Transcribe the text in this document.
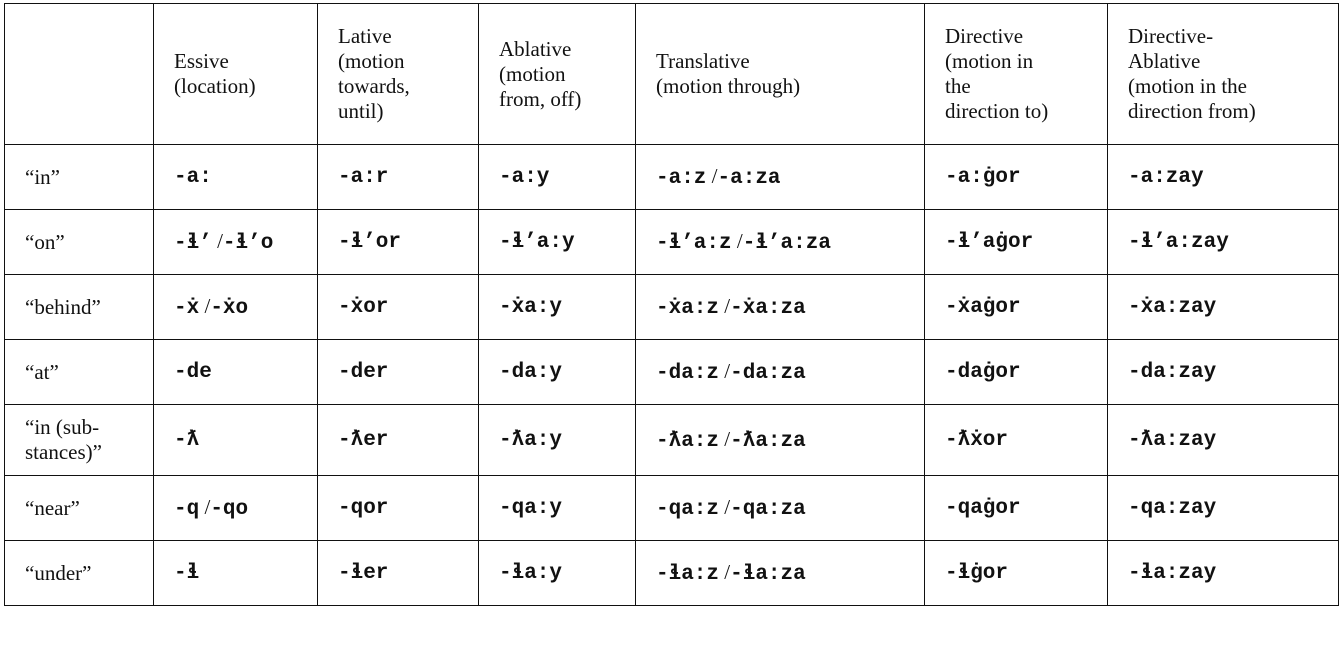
	Essive
(location)	Lative
(motion
towards,
until)	Ablative
(motion
from, off)	Translative
(motion through)	Directive
(motion in
the
direction to)	Directive-
Ablative
(motion in the
direction from)

“in”	-a:	-a:r	-a:y	-a:z /-a:za	-a:ġor	-a:zay
“on”	-ɬ’ /-ɬ’o	-ɬ’or	-ɬ’a:y	-ɬ’a:z /-ɬ’a:za	-ɬ’aġor	-ɬ’a:zay
“behind”	-ẋ /-ẋo	-ẋor	-ẋa:y	-ẋa:z /-ẋa:za	-ẋaġor	-ẋa:zay
“at”	-de	-der	-da:y	-da:z /-da:za	-daġor	-da:zay

“in (sub-
stances)”	-ƛ	-ƛer	-ƛa:y	-ƛa:z /-ƛa:za	-ƛẋor	-ƛa:zay
“near”	-q /-qo	-qor	-qa:y	-qa:z /-qa:za	-qaġor	-qa:zay
“under”	-ɬ	-ɬer	-ɬa:y	-ɬa:z /-ɬa:za	-ɬġor	-ɬa:zay
